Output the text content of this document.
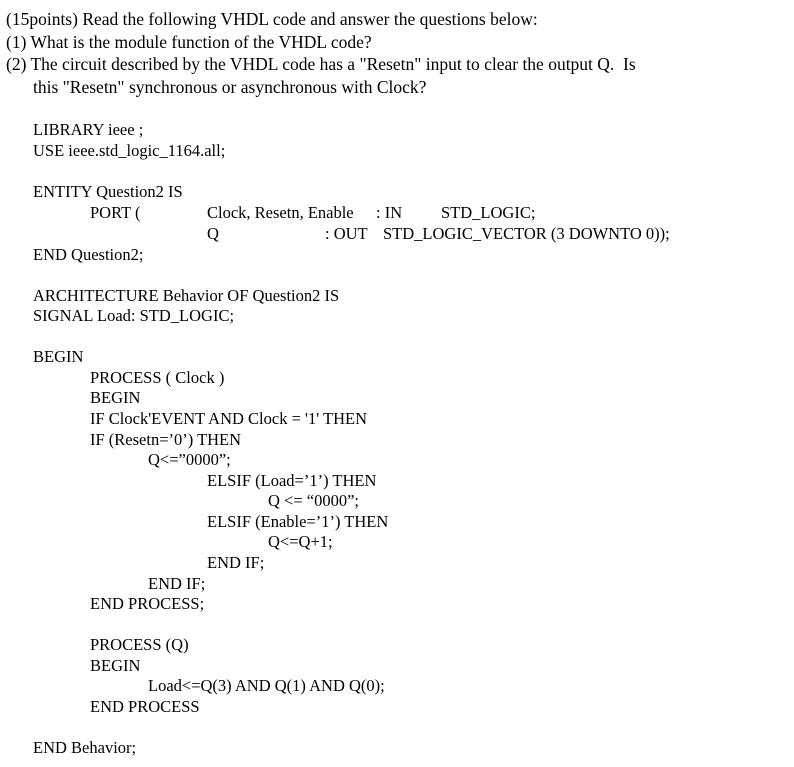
(15points) Read the following VHDL code and answer the questions below:
(1) What is the module function of the VHDL code?
(2) The circuit described by the VHDL code has a "Resetn" input to clear the output Q.  Is
this "Resetn" synchronous or asynchronous with Clock?
LIBRARY ieee ;
USE ieee.std_logic_1164.all;
ENTITY Question2 IS
PORT (	Clock, Resetn, Enable : IN STD_LOGIC;
Q	: OUT STD_LOGIC_VECTOR (3 DOWNTO 0));
END Question2;
ARCHITECTURE Behavior OF Question2 IS
SIGNAL Load: STD_LOGIC;
BEGIN
PROCESS ( Clock )
BEGIN
IF Clock'EVENT AND Clock = '1' THEN
IF (Resetn=’0’) THEN
Q<=”0000”;
ELSIF (Load=’1’) THEN
Q <= “0000”;
ELSIF (Enable=’1’) THEN
Q<=Q+1;
END IF;
END IF;
END PROCESS;
PROCESS (Q)
BEGIN
Load<=Q(3) AND Q(1) AND Q(0);
END PROCESS
END Behavior;
